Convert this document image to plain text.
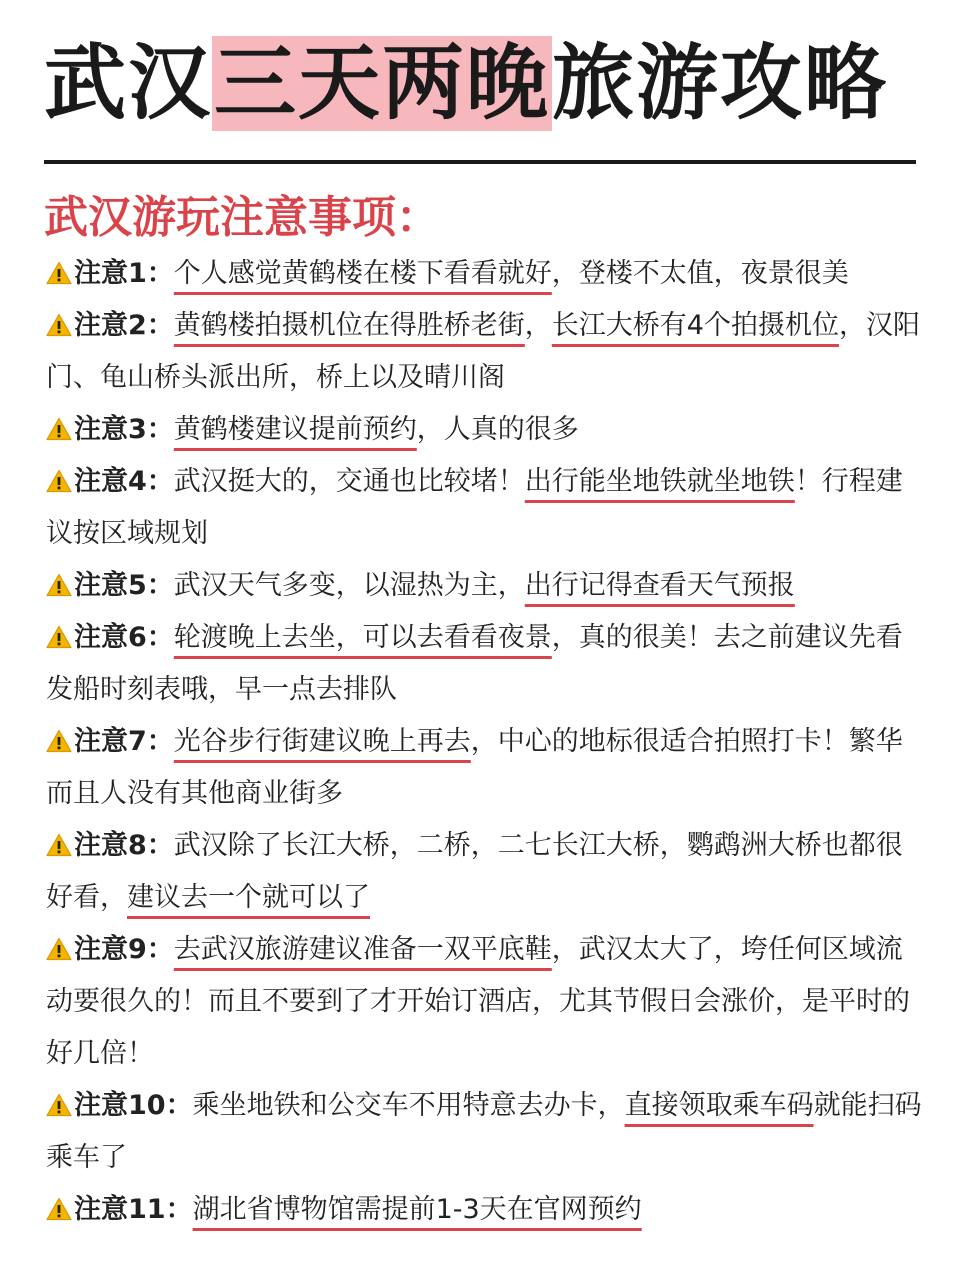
武汉三天两晚旅游攻略
武汉游玩注意事项：
注意1：个人感觉黄鹤楼在楼下看看就好，登楼不太值，夜景很美
注意2：黄鹤楼拍摄机位在得胜桥老街，长江大桥有4个拍摄机位，汉阳门、龟山桥头派出所，桥上以及晴川阁
注意3：黄鹤楼建议提前预约，人真的很多
注意4：武汉挺大的，交通也比较堵！出行能坐地铁就坐地铁！行程建议按区域规划
注意5：武汉天气多变，以湿热为主，出行记得查看天气预报
注意6：轮渡晚上去坐，可以去看看夜景，真的很美！去之前建议先看发船时刻表哦，早一点去排队
注意7：光谷步行街建议晚上再去，中心的地标很适合拍照打卡！繁华而且人没有其他商业街多
注意8：武汉除了长江大桥，二桥，二七长江大桥，鹦鹉洲大桥也都很好看，建议去一个就可以了
注意9：去武汉旅游建议准备一双平底鞋，武汉太大了，垮任何区域流动要很久的！而且不要到了才开始订酒店，尤其节假日会涨价，是平时的好几倍！
注意10：乘坐地铁和公交车不用特意去办卡，直接领取乘车码就能扫码乘车了
注意11：湖北省博物馆需提前1-3天在官网预约
